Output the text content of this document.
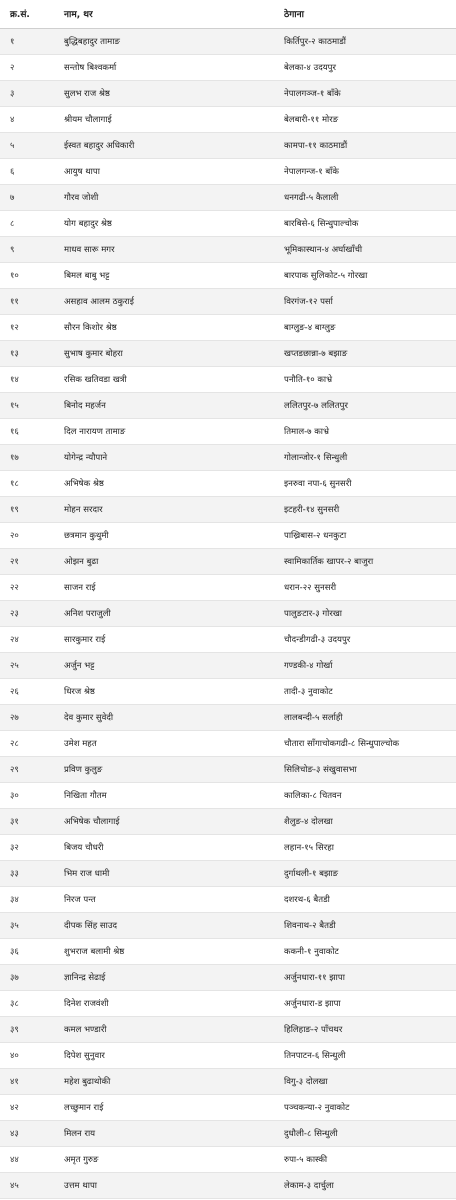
क्र.सं.	नाम, थर	ठेगाना
१	बुद्धिबहादुर तामाङ	किर्तिपुर-२ काठमाडौं
२	सन्तोष बिश्वकर्मा	बेलका-४ उदयपुर
३	सुलभ राज श्रेष्ठ	नेपालगञ्ज-१ बाँके
४	श्रीयम चौलागाई	बेलबारी-११ मोरङ
५	ईस्वत बहादुर अधिकारी	कामपा-११ काठमाडौं
६	आयुष थापा	नेपालगन्ज-१ बाँके
७	गौरव जोशी	धनगढी-५ कैलाली
८	योग बहादुर श्रेष्ठ	बारबिसे-६ सिन्धुपाल्चोक
९	माधव सारू मगर	भूमिकास्थान-४ अर्घाखाँची
१०	बिमल बाबु भट्ट	बारपाक सुलिकोट-५ गोरखा
११	असहाव आलम ठकुराई	विरगंज-१२ पर्सा
१२	सौरन किशोर श्रेष्ठ	बाग्लुङ-४ बाग्लुङ
१३	सुभाष कुमार बोहरा	खप्तडछान्ना-७ बझाङ
१४	रसिक खतिवडा खत्री	पनौति-१० काभ्रे
१५	बिनोद महर्जन	ललितपुर-७ ललितपुर
१६	दिल नारायण तामाङ	तिमाल-७ काभ्रे
१७	योगेन्द्र न्यौपाने	गोलान्जोर-१ सिन्धुली
१८	अभिषेक श्रेष्ठ	इनरुवा नपा-६ सुनसरी
१९	मोहन सरदार	इटहरी-१४ सुनसरी
२०	छत्रमान कुथुमी	पाख्रिबास-२ धनकुटा
२१	ओझन बुढा	स्वामिकार्तिक खापर-२ बाजुरा
२२	साजन राई	धरान-२२ सुनसरी
२३	अनिश पराजुली	पालुङटार-३ गोरखा
२४	सारकुमार राई	चौदन्डीगढी-३ उदयपुर
२५	अर्जुन भट्ट	गण्डकी-४ गोर्खा
२६	धिरज श्रेष्ठ	तादी-३ नुवाकोट
२७	देव कुमार सुवेदी	लालबन्दी-५ सर्लाही
२८	उमेश महत	चौतारा साँगाचोकगढी-८ सिन्धुपाल्चोक
२९	प्रविण कुलुङ	सिलिचोङ-३ संखुवासभा
३०	निखिता गौतम	कालिका-८ चितवन
३१	अभिषेक चौलागाई	शैलुङ-४ दोलखा
३२	बिजय चौधरी	लहान-१५ सिरहा
३३	भिम राज धामी	दुर्गाथली-१ बझाङ
३४	निरज पन्त	दशरथ-६ बैतडी
३५	दीपक सिंह साउद	शिवनाथ-२ बैतडी
३६	शुभराज बलामी श्रेष्ठ	ककनी-१ नुवाकोट
३७	ज्ञानिन्द्र सेढाई	अर्जुनधारा-११ झापा
३८	दिनेश राजवंशी	अर्जुनधारा-ड झापा
३९	कमल भण्डारी	हिलिहाङ-२ पाँचथर
४०	दिपेश सुनुवार	तिनपाटन-६ सिन्धुली
४१	महेश बुढाथोकी	विगु-३ दोलखा
४२	लच्छुमान राई	पञ्चकन्या-२ नुवाकोट
४३	मिलन राय	दुधौली-८ सिन्धुली
४४	अमृत गुरुङ	रुपा-५ कास्की
४५	उत्तम थापा	लेकाम-३ दार्चुला
